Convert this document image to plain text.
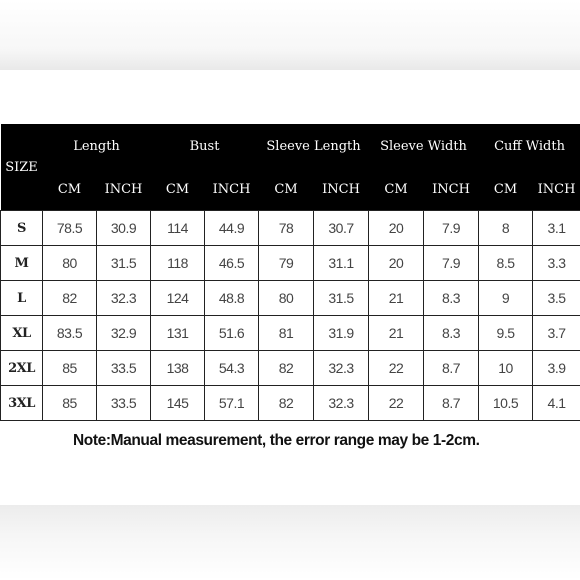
SIZE	Length		Bust		Sleeve Length		Sleeve Width		Cuff Width	
	CM	INCH	CM	INCH	CM	INCH	CM	INCH	CM	INCH
S	78.5	30.9	114	44.9	78	30.7	20	7.9	8	3.1
M	80	31.5	118	46.5	79	31.1	20	7.9	8.5	3.3
L	82	32.3	124	48.8	80	31.5	21	8.3	9	3.5
XL	83.5	32.9	131	51.6	81	31.9	21	8.3	9.5	3.7
2XL	85	33.5	138	54.3	82	32.3	22	8.7	10	3.9
3XL	85	33.5	145	57.1	82	32.3	22	8.7	10.5	4.1
Note:Manual measurement, the error range may be 1-2cm.
